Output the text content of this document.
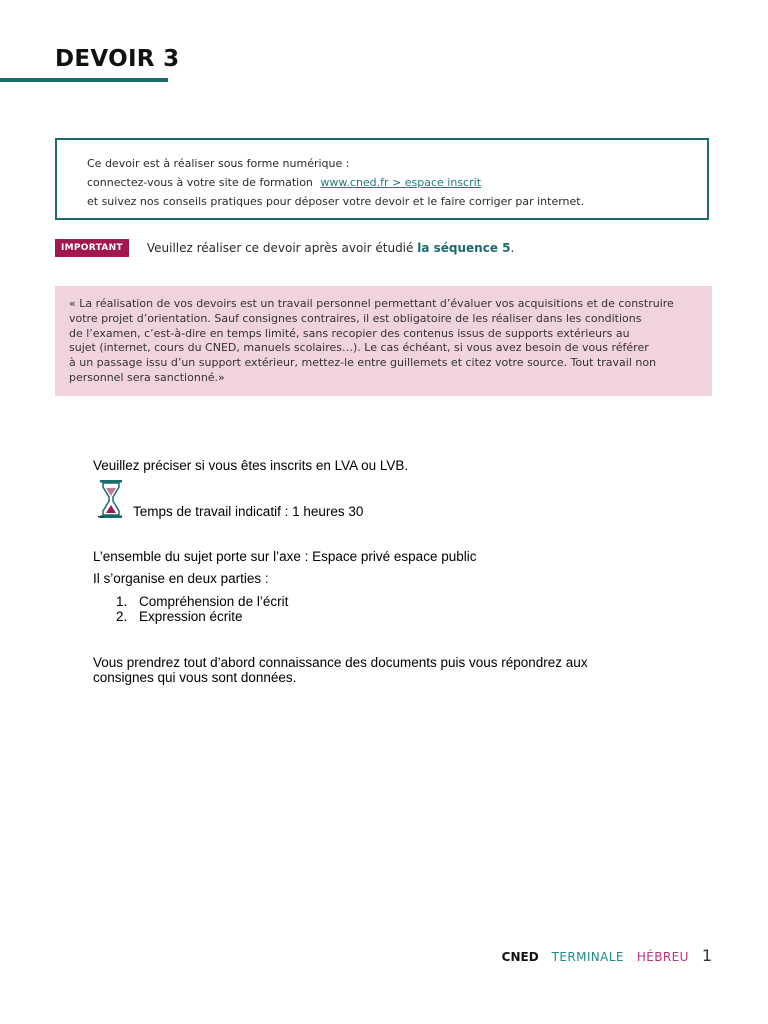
DEVOIR 3
Ce devoir est à réaliser sous forme numérique :
connectez-vous à votre site de formation www.cned.fr > espace inscrit
et suivez nos conseils pratiques pour déposer votre devoir et le faire corriger par internet.
IMPORTANT	Veuillez réaliser ce devoir après avoir étudié la séquence 5.
« La réalisation de vos devoirs est un travail personnel permettant d’évaluer vos acquisitions et de construire
votre projet d’orientation. Sauf consignes contraires, il est obligatoire de les réaliser dans les conditions
de l’examen, c’est-à-dire en temps limité, sans recopier des contenus issus de supports extérieurs au
sujet (internet, cours du CNED, manuels scolaires…). Le cas échéant, si vous avez besoin de vous référer
à un passage issu d’un support extérieur, mettez-le entre guillemets et citez votre source. Tout travail non
personnel sera sanctionné.»
Veuillez préciser si vous êtes inscrits en LVA ou LVB.
Temps de travail indicatif : 1 heures 30
L’ensemble du sujet porte sur l’axe : Espace privé espace public
Il s’organise en deux parties :
1. Compréhension de l’écrit
2. Expression écrite
Vous prendrez tout d’abord connaissance des documents puis vous répondrez aux
consignes qui vous sont données.
CNED TERMINALE HÉBREU 1
